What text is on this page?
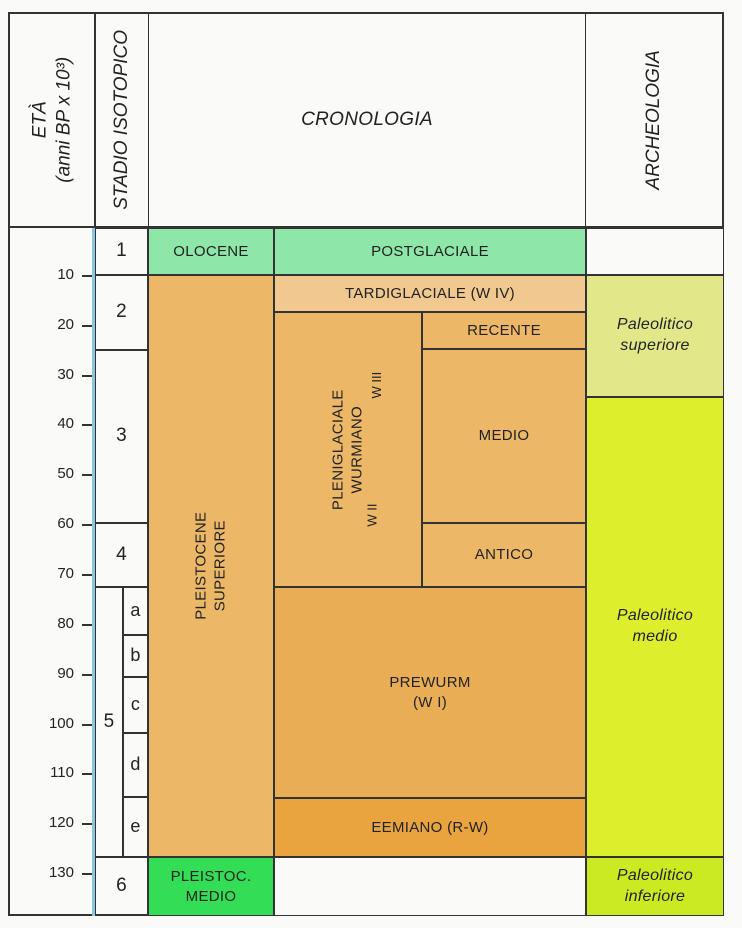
ETÀ (anni BP x 10³) STADIO ISOTOPICO	CRONOLOGIA	ARCHEOLOGIA
10
20
30
40
50
60
70
80
90
100
110
120
130
1
2
3
4
5
a
b
c
d
e
6
OLOCENE
PLEISTOCENE SUPERIORE
PLEISTOC.
MEDIO
POSTGLACIALE
TARDIGLACIALE (W IV)
PLENIGLACIALE WURMIANO
W III
W II
RECENTE
MEDIO
ANTICO
PREWURM
(W I)
EEMIANO (R-W)
Paleolitico
superiore
Paleolitico
medio
Paleolitico
inferiore
